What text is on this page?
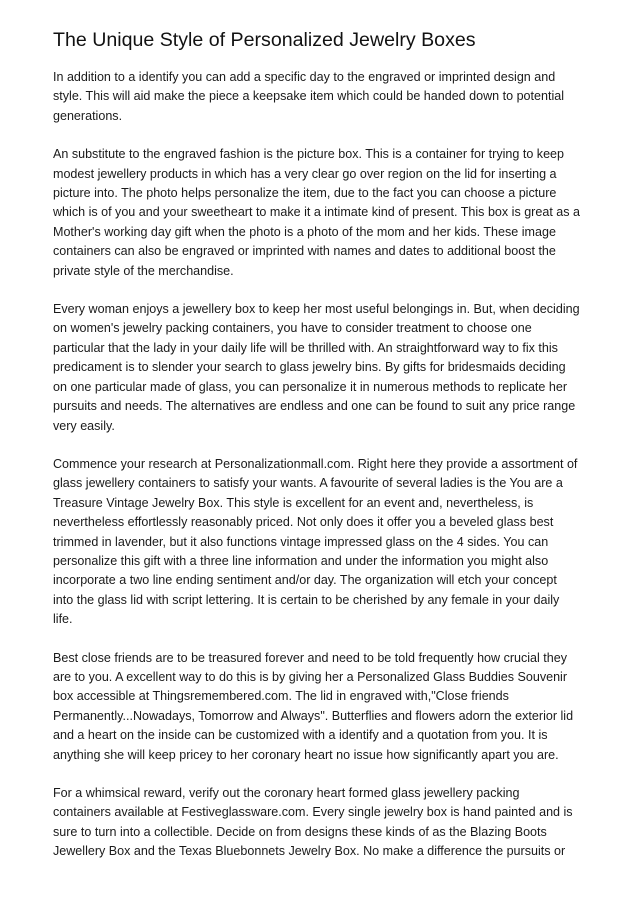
The Unique Style of Personalized Jewelry Boxes

In addition to a identify you can add a specific day to the engraved or imprinted design and style. This will aid make the piece a keepsake item which could be handed down to potential generations.

An substitute to the engraved fashion is the picture box. This is a container for trying to keep modest jewellery products in which has a very clear go over region on the lid for inserting a picture into. The photo helps personalize the item, due to the fact you can choose a picture which is of you and your sweetheart to make it a intimate kind of present. This box is great as a Mother's working day gift when the photo is a photo of the mom and her kids. These image containers can also be engraved or imprinted with names and dates to additional boost the private style of the merchandise.

Every woman enjoys a jewellery box to keep her most useful belongings in. But, when deciding on women's jewelry packing containers, you have to consider treatment to choose one particular that the lady in your daily life will be thrilled with. An straightforward way to fix this predicament is to slender your search to glass jewelry bins. By gifts for bridesmaids deciding on one particular made of glass, you can personalize it in numerous methods to replicate her pursuits and needs. The alternatives are endless and one can be found to suit any price range very easily.

Commence your research at Personalizationmall.com. Right here they provide a assortment of glass jewellery containers to satisfy your wants. A favourite of several ladies is the You are a Treasure Vintage Jewelry Box. This style is excellent for an event and, nevertheless, is nevertheless effortlessly reasonably priced. Not only does it offer you a beveled glass best trimmed in lavender, but it also functions vintage impressed glass on the 4 sides. You can personalize this gift with a three line information and under the information you might also incorporate a two line ending sentiment and/or day. The organization will etch your concept into the glass lid with script lettering. It is certain to be cherished by any female in your daily life.

Best close friends are to be treasured forever and need to be told frequently how crucial they are to you. A excellent way to do this is by giving her a Personalized Glass Buddies Souvenir box accessible at Thingsremembered.com. The lid in engraved with,"Close friends Permanently...Nowadays, Tomorrow and Always". Butterflies and flowers adorn the exterior lid and a heart on the inside can be customized with a identify and a quotation from you. It is anything she will keep pricey to her coronary heart no issue how significantly apart you are.

For a whimsical reward, verify out the coronary heart formed glass jewellery packing containers available at Festiveglassware.com. Every single jewelry box is hand painted and is sure to turn into a collectible. Decide on from designs these kinds of as the Blazing Boots Jewellery Box and the Texas Bluebonnets Jewelry Box. No make a difference the pursuits or
